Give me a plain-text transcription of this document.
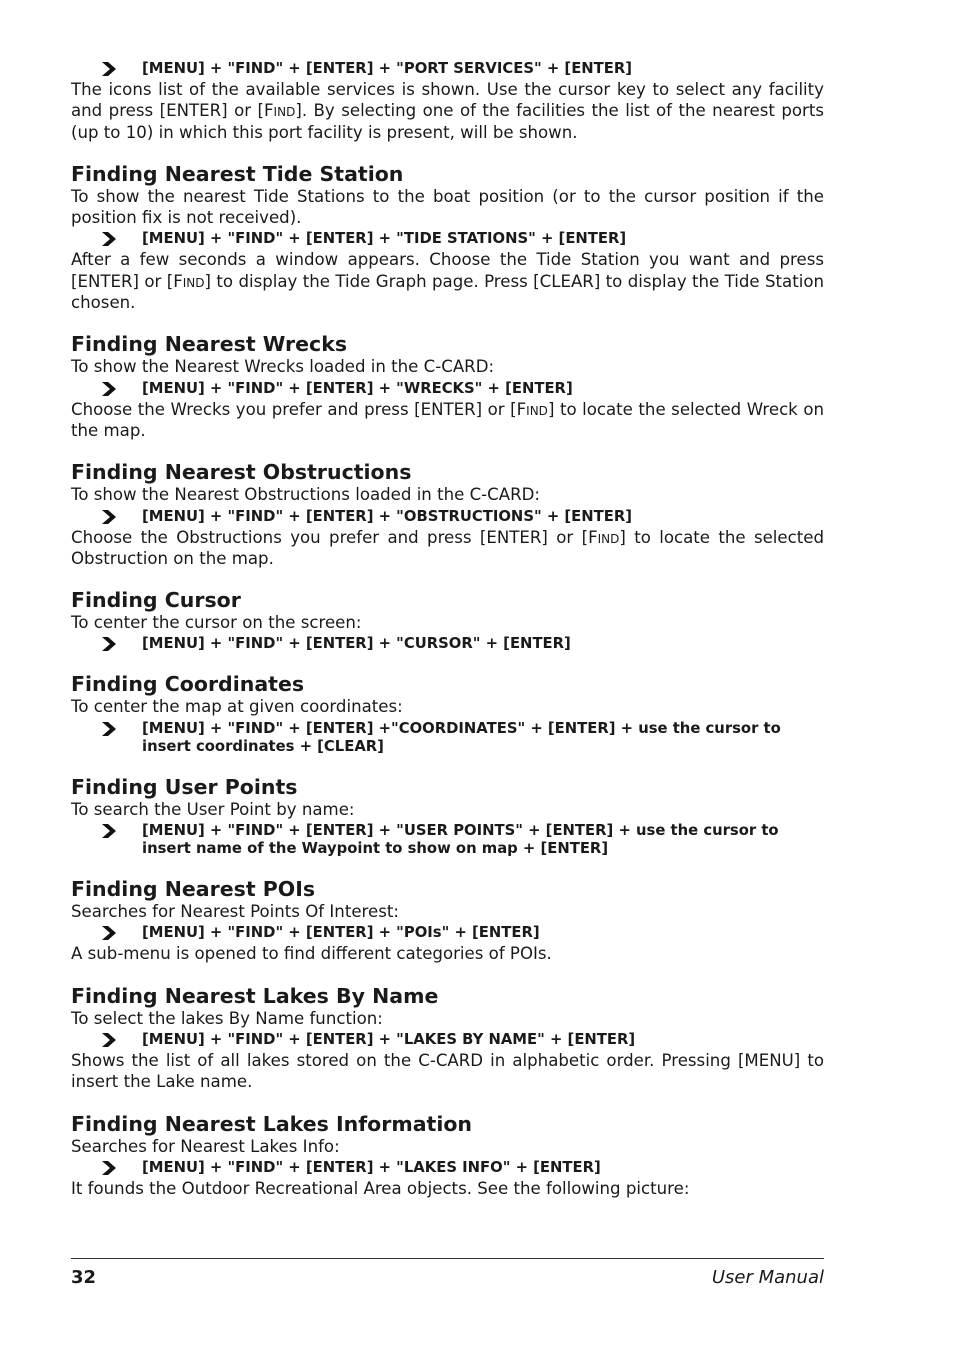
[MENU] + "FIND" + [ENTER] + "PORT SERVICES" + [ENTER]

The icons list of the available services is shown. Use the cursor key to select any facility and press [ENTER] or [Find]. By selecting one of the facilities the list of the nearest ports (up to 10) in which this port facility is present, will be shown.

Finding Nearest Tide Station

To show the nearest Tide Stations to the boat position (or to the cursor position if the position fix is not received).

[MENU] + "FIND" + [ENTER] + "TIDE STATIONS" + [ENTER]

After a few seconds a window appears. Choose the Tide Station you want and press [ENTER] or [Find] to display the Tide Graph page. Press [CLEAR] to display the Tide Station chosen.

Finding Nearest Wrecks

To show the Nearest Wrecks loaded in the C-CARD:

[MENU] + "FIND" + [ENTER] + "WRECKS" + [ENTER]

Choose the Wrecks you prefer and press [ENTER] or [Find] to locate the selected Wreck on the map.

Finding Nearest Obstructions

To show the Nearest Obstructions loaded in the C-CARD:

[MENU] + "FIND" + [ENTER] + "OBSTRUCTIONS" + [ENTER]

Choose the Obstructions you prefer and press [ENTER] or [Find] to locate the selected Obstruction on the map.

Finding Cursor

To center the cursor on the screen:

[MENU] + "FIND" + [ENTER] + "CURSOR" + [ENTER]
Finding Coordinates

To center the map at given coordinates:

[MENU] + "FIND" + [ENTER] +"COORDINATES" + [ENTER] + use the cursor to insert coordinates + [CLEAR]
Finding User Points

To search the User Point by name:

[MENU] + "FIND" + [ENTER] + "USER POINTS" + [ENTER] + use the cursor to insert name of the Waypoint to show on map + [ENTER]
Finding Nearest POIs

Searches for Nearest Points Of Interest:

[MENU] + "FIND" + [ENTER] + "POIs" + [ENTER]

A sub-menu is opened to find different categories of POIs.

Finding Nearest Lakes By Name

To select the lakes By Name function:

[MENU] + "FIND" + [ENTER] + "LAKES BY NAME" + [ENTER]

Shows the list of all lakes stored on the C-CARD in alphabetic order. Pressing [MENU] to insert the Lake name.

Finding Nearest Lakes Information

Searches for Nearest Lakes Info:

[MENU] + "FIND" + [ENTER] + "LAKES INFO" + [ENTER]

It founds the Outdoor Recreational Area objects. See the following picture:

32	User Manual
